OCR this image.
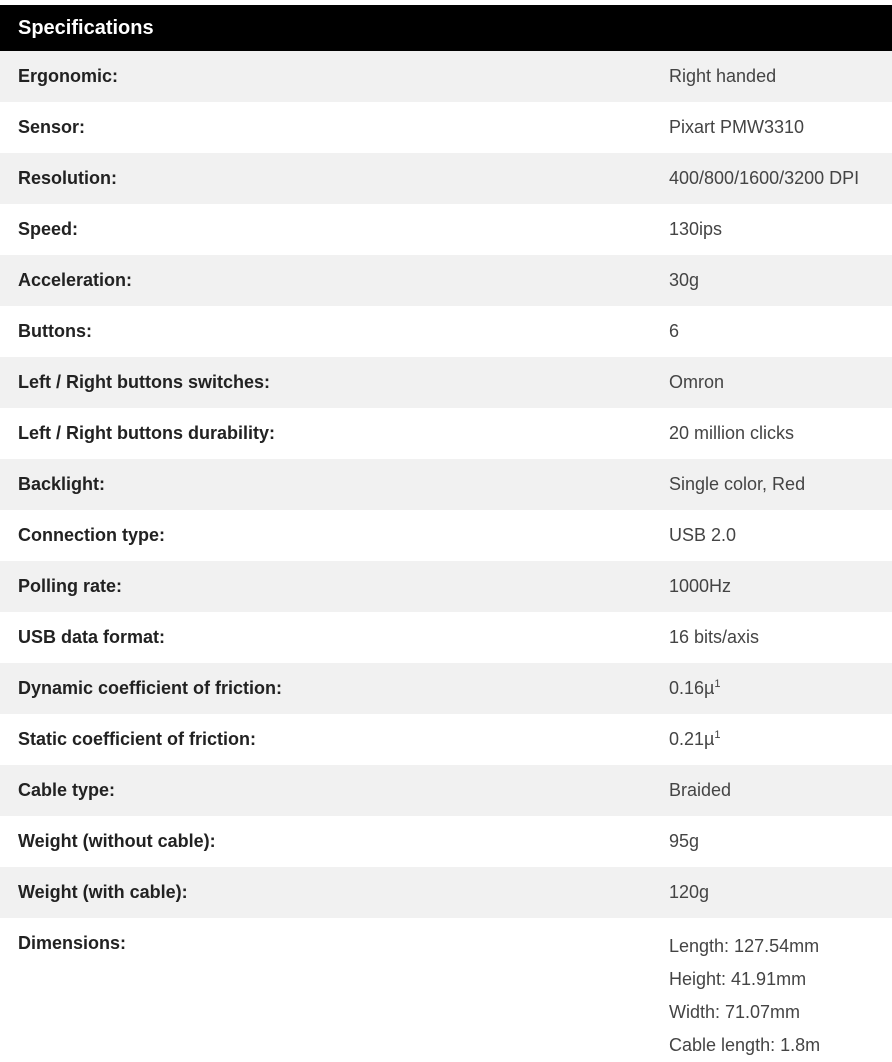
Specifications
Ergonomic:	Right handed
Sensor:	Pixart PMW3310
Resolution:	400/800/1600/3200 DPI
Speed:	130ips
Acceleration:	30g
Buttons:	6
Left / Right buttons switches:	Omron
Left / Right buttons durability:	20 million clicks
Backlight:	Single color, Red
Connection type:	USB 2.0
Polling rate:	1000Hz
USB data format:	16 bits/axis
Dynamic coefficient of friction:	0.16µ$^1$
Static coefficient of friction:	0.21µ$^1$
Cable type:	Braided
Weight (without cable):	95g
Weight (with cable):	120g
Dimensions:	Length: 127.54mm
Height: 41.91mm
Width: 71.07mm
Cable length: 1.8m
